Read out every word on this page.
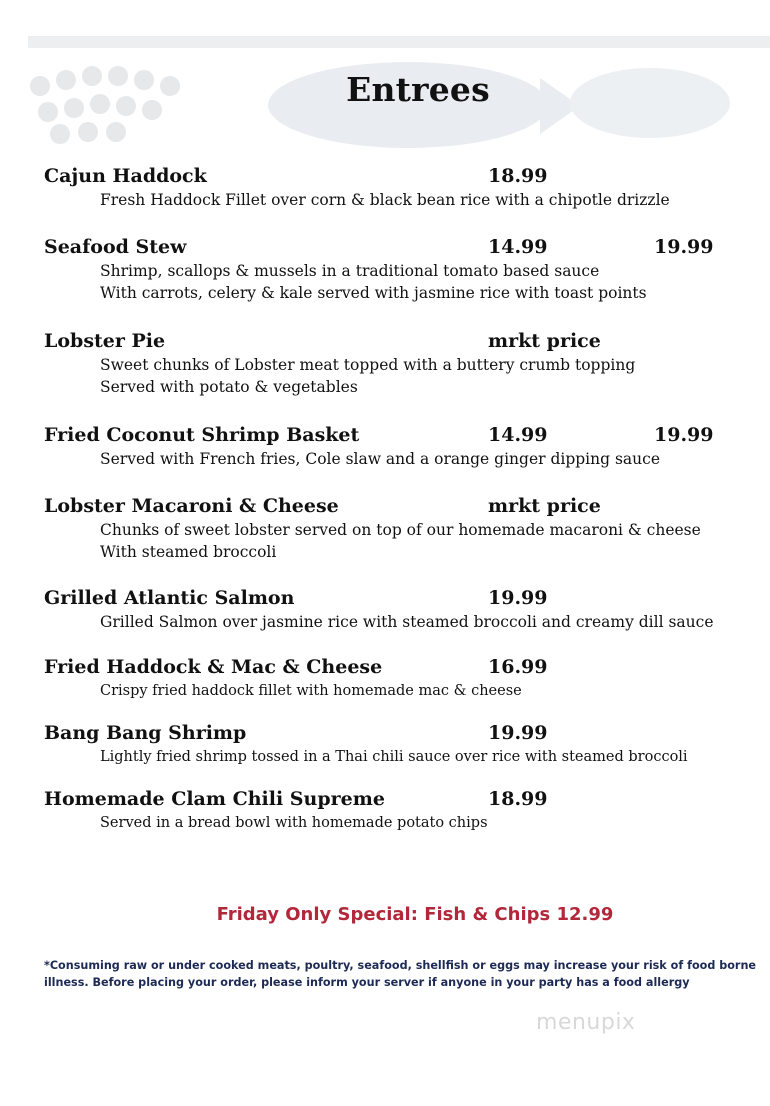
Entrees
Cajun Haddock	18.99
Fresh Haddock Fillet over corn & black bean rice with a chipotle drizzle
Seafood Stew	14.99	19.99
Shrimp, scallops & mussels in a traditional tomato based sauce
With carrots, celery & kale served with jasmine rice with toast points
Lobster Pie	mrkt price
Sweet chunks of Lobster meat topped with a buttery crumb topping
Served with potato & vegetables
Fried Coconut Shrimp Basket	14.99	19.99
Served with French fries, Cole slaw and a orange ginger dipping sauce
Lobster Macaroni & Cheese	mrkt price
Chunks of sweet lobster served on top of our homemade macaroni & cheese
With steamed broccoli
Grilled Atlantic Salmon	19.99
Grilled Salmon over jasmine rice with steamed broccoli and creamy dill sauce
Fried Haddock & Mac & Cheese	16.99
Crispy fried haddock fillet with homemade mac & cheese
Bang Bang Shrimp	19.99
Lightly fried shrimp tossed in a Thai chili sauce over rice with steamed broccoli
Homemade Clam Chili Supreme	18.99
Served in a bread bowl with homemade potato chips
Friday Only Special: Fish & Chips 12.99
*Consuming raw or under cooked meats, poultry, seafood, shellfish or eggs may increase your risk of food borne illness. Before placing your order, please inform your server if anyone in your party has a food allergy
menupix
